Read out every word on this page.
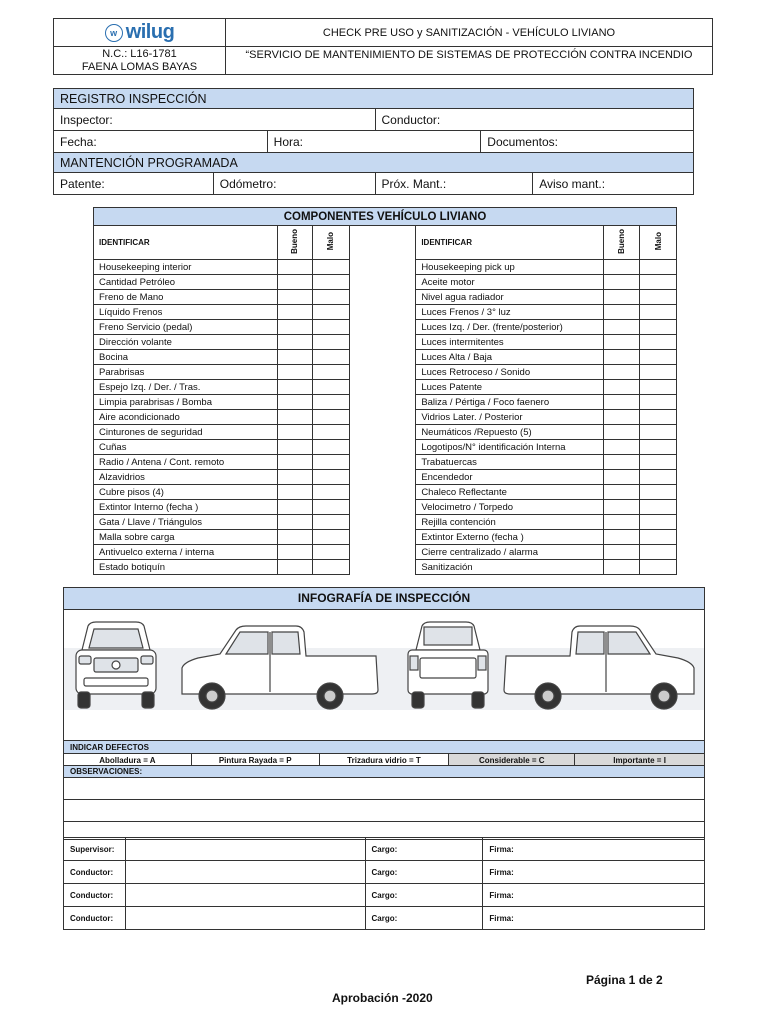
w wilug	CHECK PRE USO y SANITIZACIÓN - VEHÍCULO LIVIANO

N.C.: L16-1781
FAENA LOMAS BAYAS	“SERVICIO DE MANTENIMIENTO DE SISTEMAS DE PROTECCIÓN CONTRA INCENDIO
REGISTRO INSPECCIÓN					
Inspector:			Conductor:		
Fecha:		Hora:		Documentos:	
MANTENCIÓN PROGRAMADA					
Patente:	Odómetro:		Próx. Mant.:		Aviso mant.:
COMPONENTES VEHÍCULO LIVIANO						
IDENTIFICAR	Bueno	Malo		IDENTIFICAR	Bueno	Malo
Housekeeping interior				Housekeeping pick up		
Cantidad Petróleo				Aceite motor		
Freno de Mano				Nivel agua radiador		
Líquido Frenos				Luces Frenos / 3° luz		
Freno Servicio (pedal)				Luces Izq. / Der. (frente/posterior)		
Dirección volante				Luces intermitentes		
Bocina				Luces Alta / Baja		
Parabrisas				Luces Retroceso / Sonido		
Espejo Izq. / Der. / Tras.				Luces Patente		
Limpia parabrisas / Bomba				Baliza / Pértiga / Foco faenero		
Aire acondicionado				Vidrios Later. / Posterior		
Cinturones de seguridad				Neumáticos /Repuesto (5)		
Cuñas				Logotipos/N° identificación Interna		
Radio / Antena / Cont. remoto				Trabatuercas		
Alzavidrios				Encendedor		
Cubre pisos (4)				Chaleco Reflectante		
Extintor Interno (fecha )				Velocimetro / Torpedo		
Gata / Llave / Triángulos				Rejilla contención		
Malla sobre carga				Extintor Externo (fecha )		
Antivuelco externa / interna				Cierre centralizado / alarma		
Estado botiquín				Sanitización		
INFOGRAFÍA DE INSPECCIÓN
INDICAR DEFECTOS
Abolladura = A	Pintura Rayada = P	Trizadura vidrio = T	Considerable = C	Importante = I
OBSERVACIONES:

Supervisor:		Cargo:	Firma:
Conductor:		Cargo:	Firma:
Conductor:		Cargo:	Firma:
Conductor:		Cargo:	Firma:
Página 1 de 2
Aprobación -2020
